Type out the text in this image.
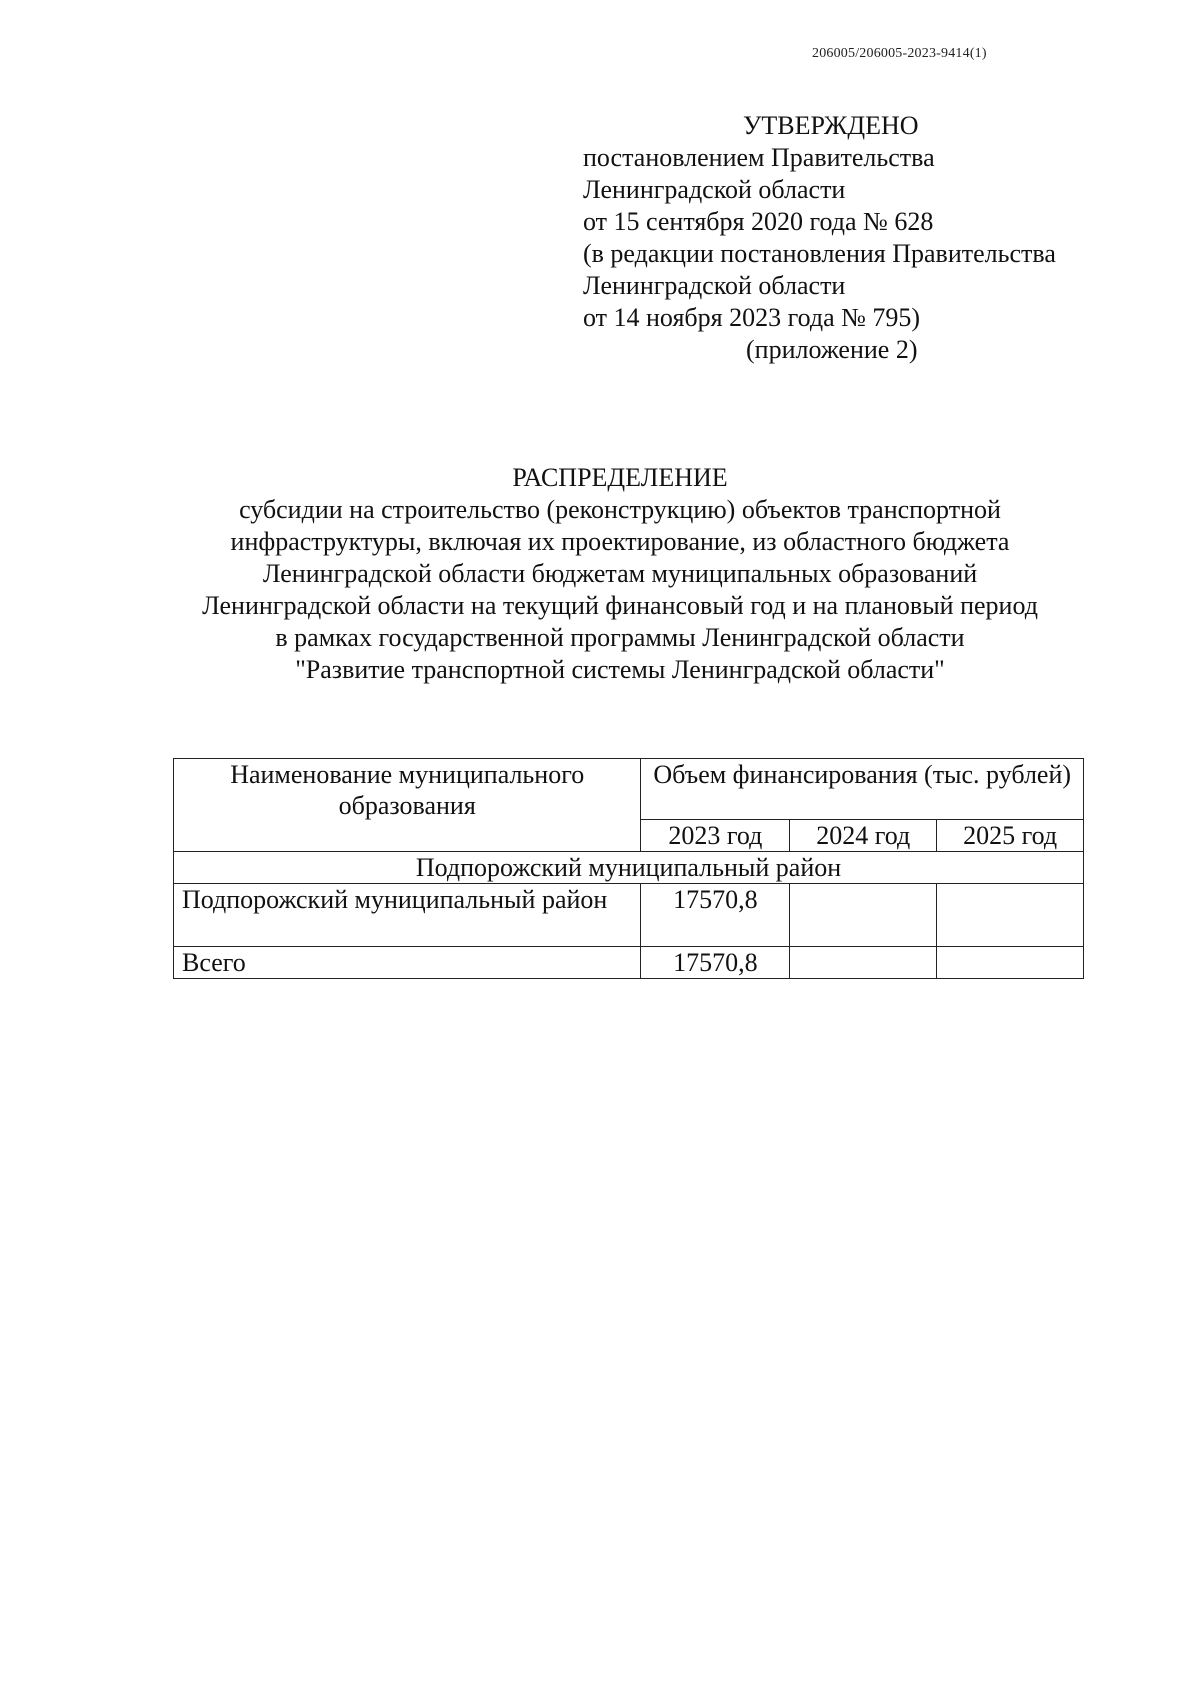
206005/206005-2023-9414(1)
УТВЕРЖДЕНО
постановлением Правительства
Ленинградской области
от 15 сентября 2020 года № 628
(в редакции постановления Правительства
Ленинградской области
от 14 ноября 2023 года № 795)
(приложение 2)
РАСПРЕДЕЛЕНИЕ
субсидии на строительство (реконструкцию) объектов транспортной
инфраструктуры, включая их проектирование, из областного бюджета
Ленинградской области бюджетам муниципальных образований
Ленинградской области на текущий финансовый год и на плановый период
в рамках государственной программы Ленинградской области
"Развитие транспортной системы Ленинградской области"
Наименование муниципального образования	Объем финансирования (тыс. рублей)		
	2023 год	2024 год	2025 год
Подпорожский муниципальный район			
Подпорожский муниципальный район	17570,8		
Всего	17570,8		
